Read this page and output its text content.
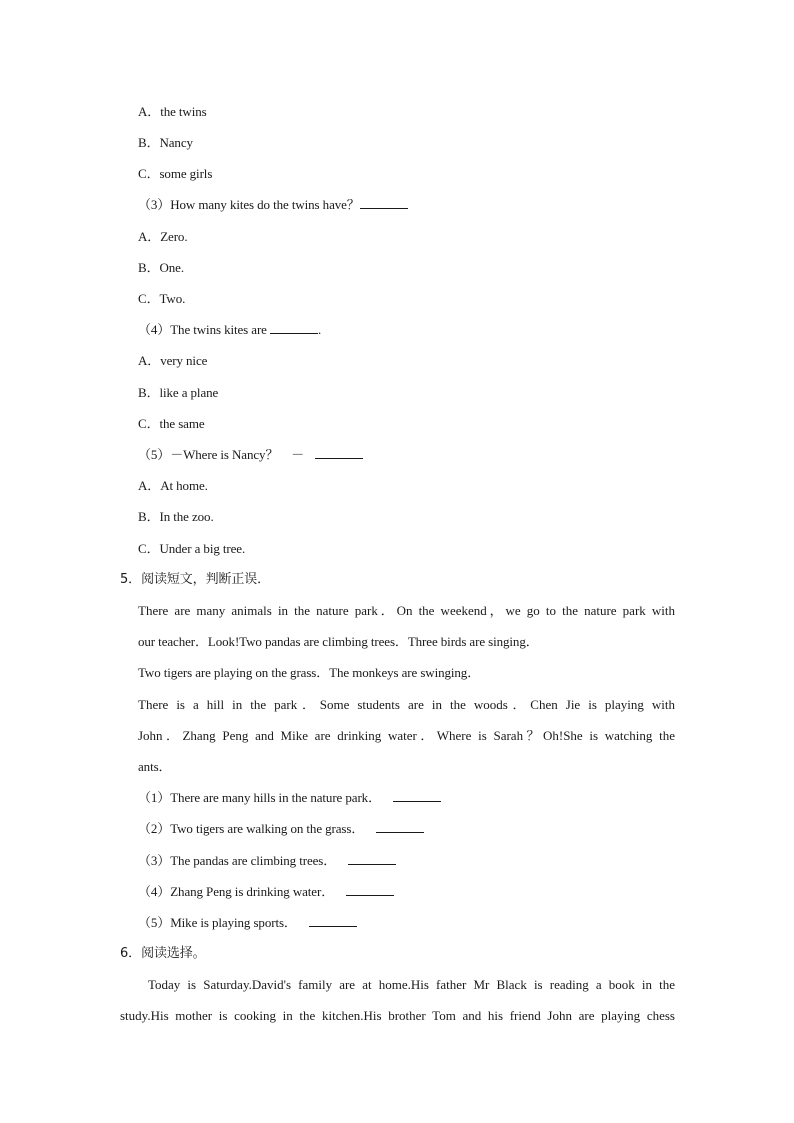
A．the twins
B．Nancy
C．some girls
（3）How many kites do the twins have？
A．Zero.
B．One.
C．Two.
（4）The twins kites are	.
A．very nice
B．like a plane
C．the same
（5）－Where is Nancy？　－
A．At home.
B．In the zoo.
C．Under a big tree.
5．阅读短文，判断正误．
There are many animals in the nature park．On the weekend，we go to the nature park with
our teacher．Look!Two pandas are climbing trees．Three birds are singing．
Two tigers are playing on the grass．The monkeys are swinging．
There is a hill in the park．Some students are in the woods．Chen Jie is playing with
John．Zhang Peng and Mike are drinking water．Where is Sarah？Oh!She is watching the
ants．
（1）There are many hills in the nature park．
（2）Two tigers are walking on the grass．
（3）The pandas are climbing trees．
（4）Zhang Peng is drinking water．
（5）Mike is playing sports．
6．阅读选择。
Today is Saturday.David's family are at home.His father Mr Black is reading a book in the
study.His mother is cooking in the kitchen.His brother Tom and his friend John are playing chess
